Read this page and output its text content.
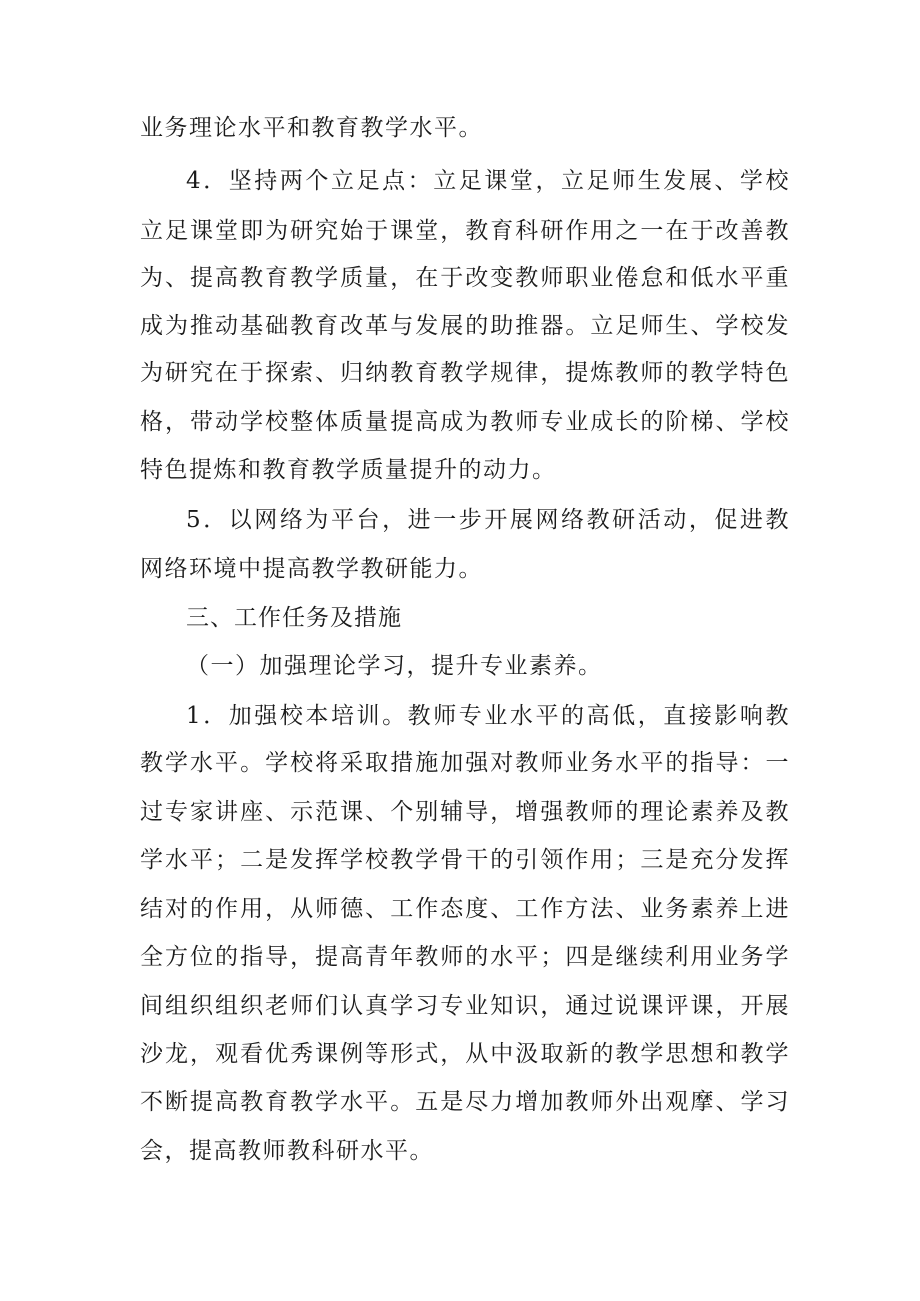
业务理论水平和教育教学水平。
4．坚持两个立足点：立足课堂，立足师生发展、学校
立足课堂即为研究始于课堂，教育科研作用之一在于改善教
为、提高教育教学质量，在于改变教师职业倦怠和低水平重
成为推动基础教育改革与发展的助推器。立足师生、学校发
为研究在于探索、归纳教育教学规律，提炼教师的教学特色
格，带动学校整体质量提高成为教师专业成长的阶梯、学校
特色提炼和教育教学质量提升的动力。
5．以网络为平台，进一步开展网络教研活动，促进教
网络环境中提高教学教研能力。
三、工作任务及措施
（一）加强理论学习，提升专业素养。
1．加强校本培训。教师专业水平的高低，直接影响教
教学水平。学校将采取措施加强对教师业务水平的指导：一
过专家讲座、示范课、个别辅导，增强教师的理论素养及教
学水平；二是发挥学校教学骨干的引领作用；三是充分发挥
结对的作用，从师德、工作态度、工作方法、业务素养上进
全方位的指导，提高青年教师的水平；四是继续利用业务学
间组织组织老师们认真学习专业知识，通过说课评课，开展
沙龙，观看优秀课例等形式，从中汲取新的教学思想和教学
不断提高教育教学水平。五是尽力增加教师外出观摩、学习
会，提高教师教科研水平。
